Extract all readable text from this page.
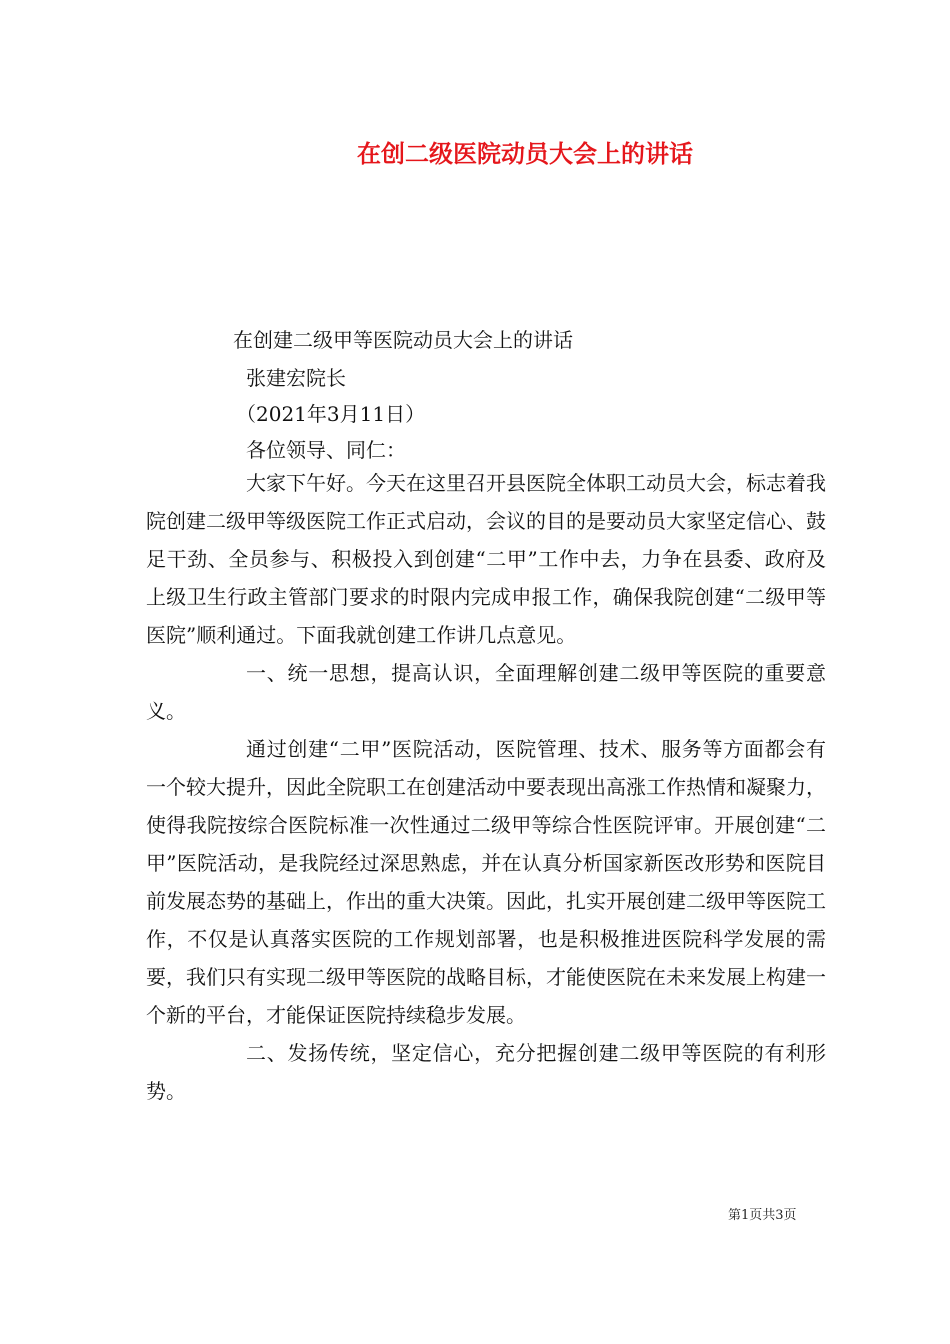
在创二级医院动员大会上的讲话
在创建二级甲等医院动员大会上的讲话
张建宏院长
（2021年3月11日）
各位领导、同仁：

大家下午好。今天在这里召开县医院全体职工动员大会，标志着我院创建二级甲等级医院工作正式启动，会议的目的是要动员大家坚定信心、鼓足干劲、全员参与、积极投入到创建“二甲”工作中去，力争在县委、政府及上级卫生行政主管部门要求的时限内完成申报工作，确保我院创建“二级甲等医院”顺利通过。下面我就创建工作讲几点意见。

一、统一思想，提高认识，全面理解创建二级甲等医院的重要意义。

通过创建“二甲”医院活动，医院管理、技术、服务等方面都会有一个较大提升，因此全院职工在创建活动中要表现出高涨工作热情和凝聚力，使得我院按综合医院标准一次性通过二级甲等综合性医院评审。开展创建“二甲”医院活动，是我院经过深思熟虑，并在认真分析国家新医改形势和医院目前发展态势的基础上，作出的重大决策。因此，扎实开展创建二级甲等医院工作，不仅是认真落实医院的工作规划部署，也是积极推进医院科学发展的需要，我们只有实现二级甲等医院的战略目标，才能使医院在未来发展上构建一个新的平台，才能保证医院持续稳步发展。

二、发扬传统，坚定信心，充分把握创建二级甲等医院的有利形势。

第1页共3页
